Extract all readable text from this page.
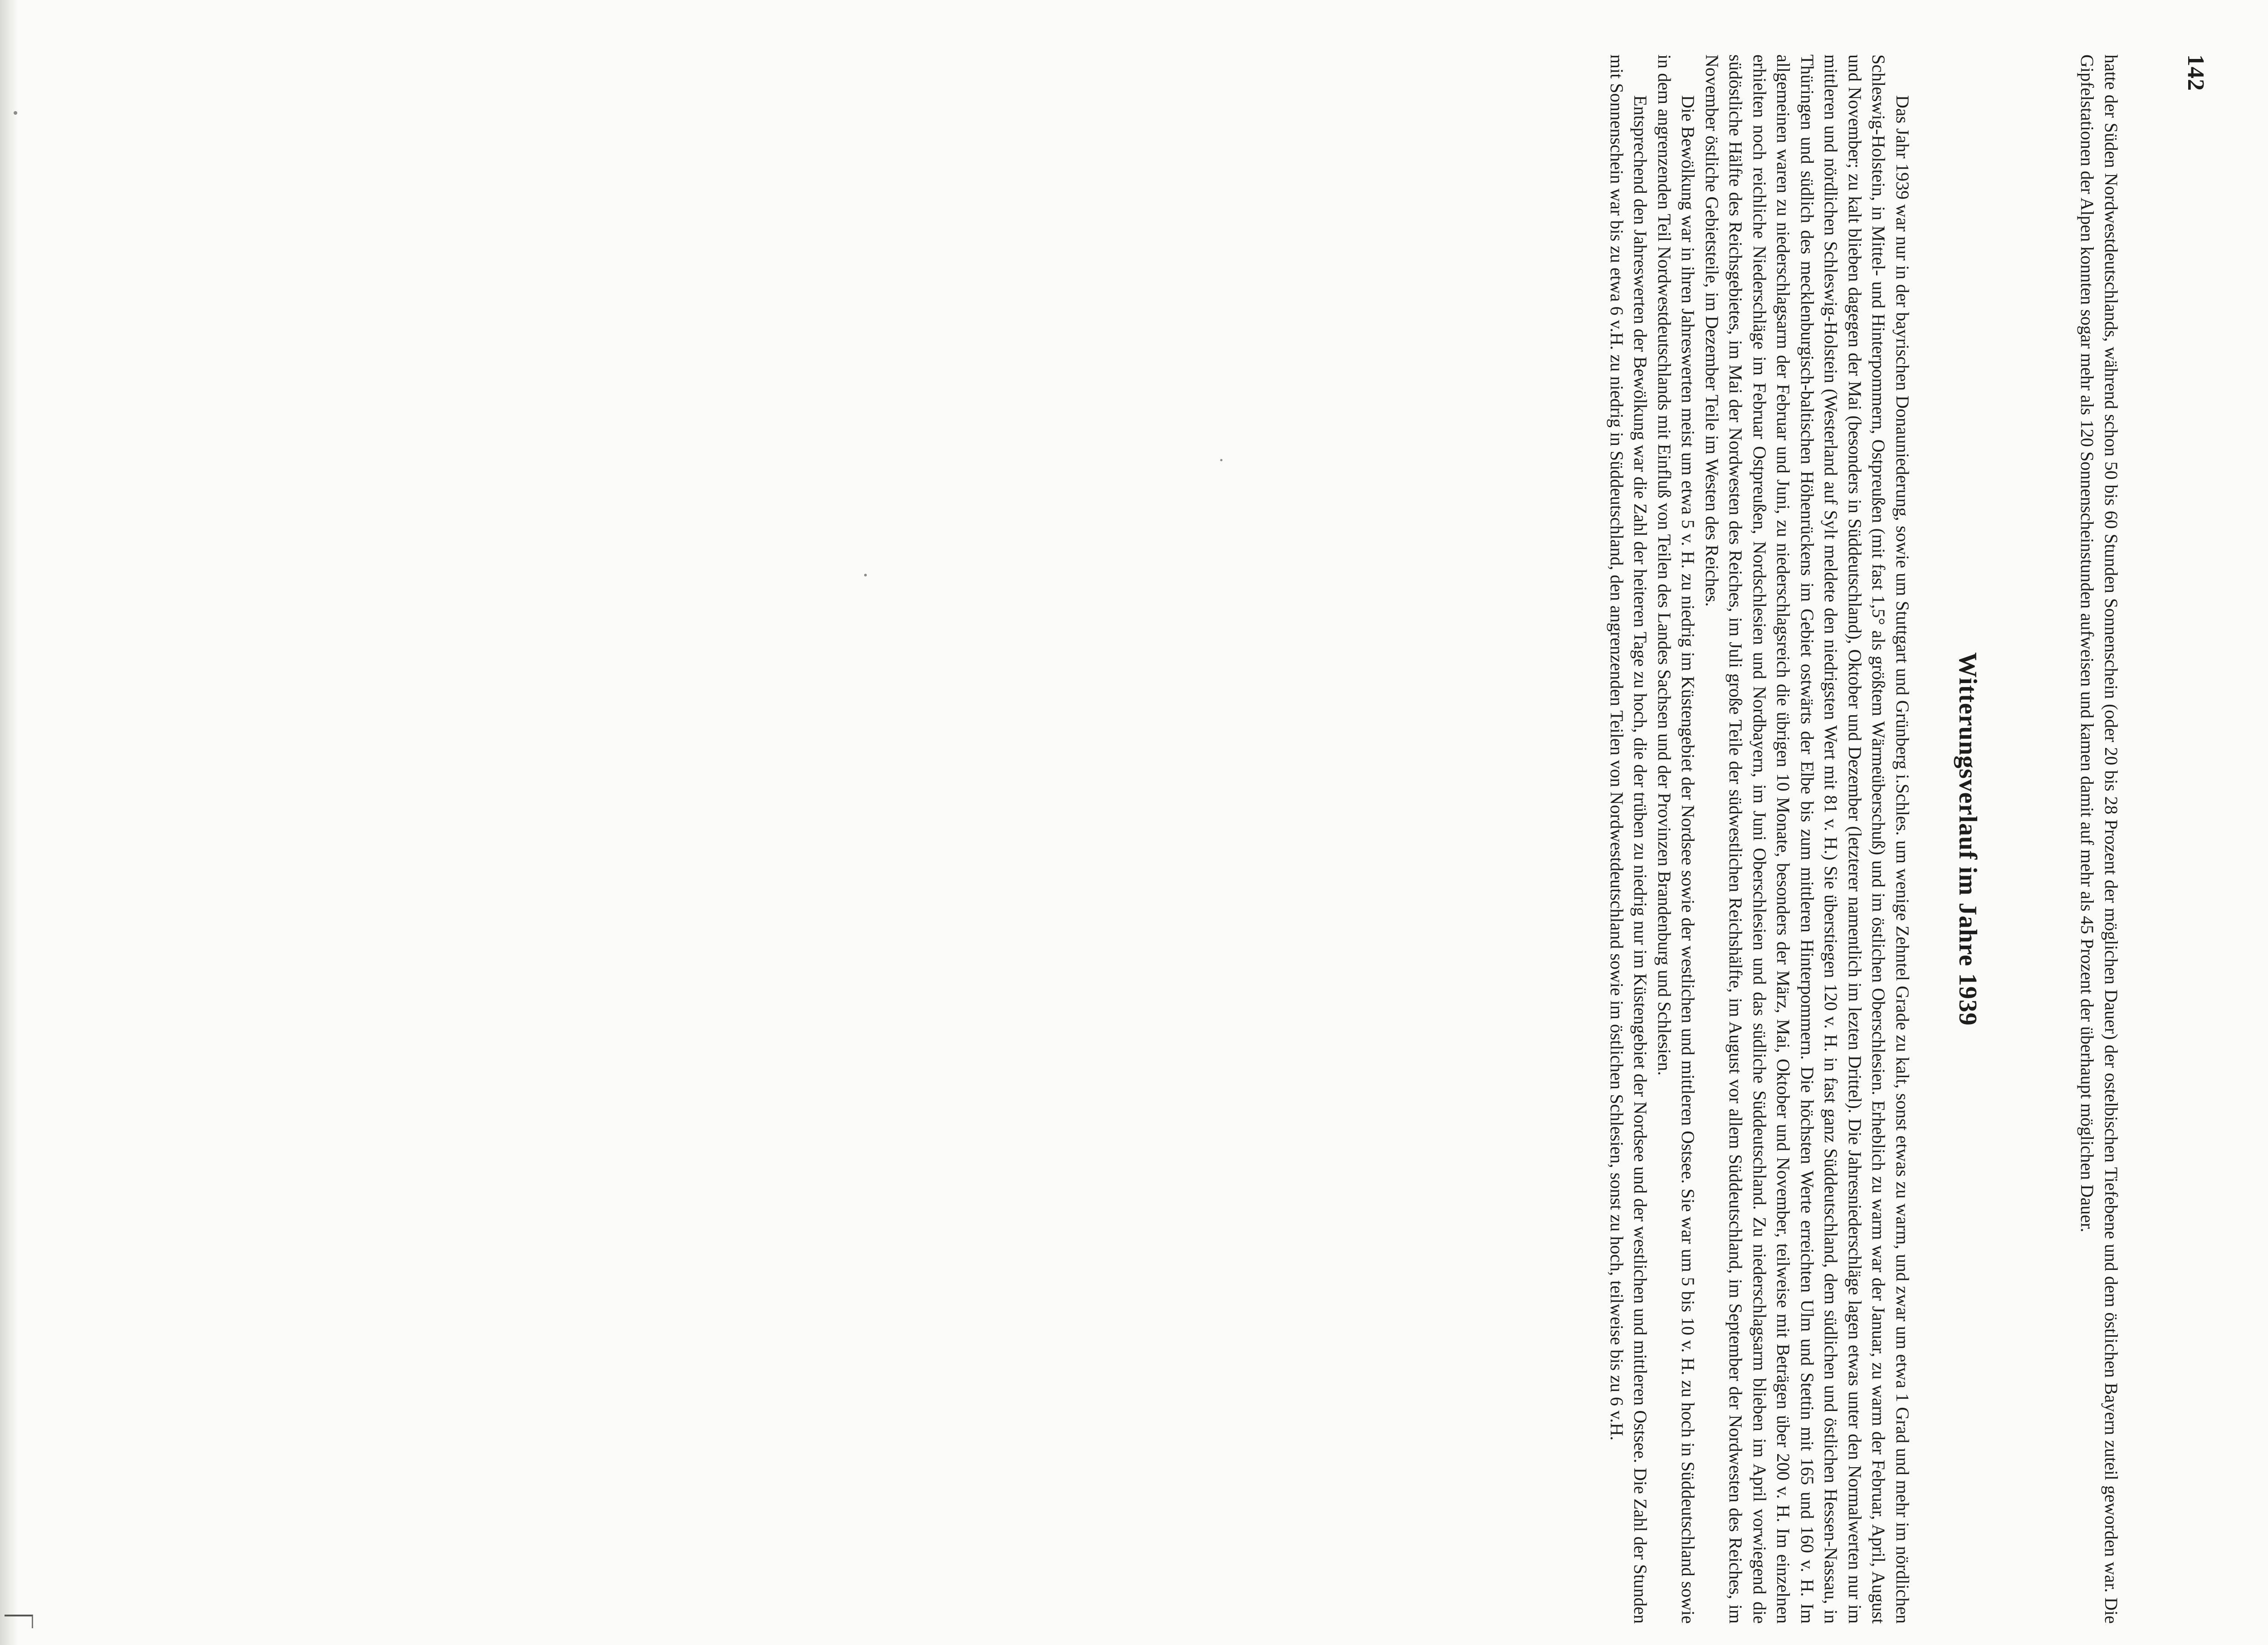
142

hatte der Süden Nordwestdeutschlands, während schon 50 bis 60 Stunden Sonnenschein (oder 20 bis 28 Prozent der möglichen Dauer) der ostelbischen Tiefebene und dem östlichen Bayern zuteil geworden war. Die Gipfelstationen der Alpen konnten sogar mehr als 120 Sonnenscheinstunden aufweisen und kamen damit auf mehr als 45 Prozent der überhaupt möglichen Dauer.

Witterungsverlauf im Jahre 1939

Das Jahr 1939 war nur in der bayrischen Donauniederung, sowie um Stuttgart und Grünberg i.Schles. um wenige Zehntel Grade zu kalt, sonst etwas zu warm, und zwar um etwa 1 Grad und mehr im nördlichen Schleswig-Holstein, in Mittel- und Hinterpommern, Ostpreußen (mit fast 1,5° als größtem Wärmeüberschuß) und im östlichen Oberschlesien. Erheblich zu warm war der Januar, zu warm der Februar, April, August und November; zu kalt blieben dagegen der Mai (besonders in Süddeutschland), Oktober und Dezember (letzterer namentlich im lezten Drittel). Die Jahresniederschläge lagen etwas unter den Normalwerten nur im mittleren und nördlichen Schleswig-Holstein (Westerland auf Sylt meldete den niedrigsten Wert mit 81 v. H.) Sie überstiegen 120 v. H. in fast ganz Süddeutschland, dem südlichen und östlichen Hessen-Nassau, in Thüringen und südlich des mecklenburgisch-baltischen Höhenrückens im Gebiet ostwärts der Elbe bis zum mittleren Hinterpommern. Die höchsten Werte erreichten Ulm und Stettin mit 165 und 160 v. H. Im allgemeinen waren zu niederschlagsarm der Februar und Juni, zu niederschlagsreich die übrigen 10 Monate, besonders der März, Mai, Oktober und November, teilweise mit Beträgen über 200 v. H. Im einzelnen erhielten noch reichliche Niederschläge im Februar Ostpreußen, Nordschlesien und Nordbayern, im Juni Oberschlesien und das südliche Süddeutschland. Zu niederschlagsarm blieben im April vorwiegend die südöstliche Hälfte des Reichsgebietes, im Mai der Nordwesten des Reiches, im Juli große Teile der südwestlichen Reichshälfte, im August vor allem Süddeutschland, im September der Nordwesten des Reiches, im November östliche Gebietsteile, im Dezember Teile im Westen des Reiches.

Die Bewölkung war in ihren Jahreswerten meist um etwa 5 v. H. zu niedrig im Küstengebiet der Nordsee sowie der westlichen und mittleren Ostsee. Sie war um 5 bis 10 v. H. zu hoch in Süddeutschland sowie in dem angrenzenden Teil Nordwestdeutschlands mit Einfluß von Teilen des Landes Sachsen und der Provinzen Brandenburg und Schlesien.

Entsprechend den Jahreswerten der Bewölkung war die Zahl der heiteren Tage zu hoch, die der trüben zu niedrig nur im Küstengebiet der Nordsee und der westlichen und mittleren Ostsee. Die Zahl der Stunden mit Sonnenschein war bis zu etwa 6 v.H. zu niedrig in Süddeutschland, den angrenzenden Teilen von Nordwestdeutschland sowie im östlichen Schlesien, sonst zu hoch, teilweise bis zu 6 v.H.
